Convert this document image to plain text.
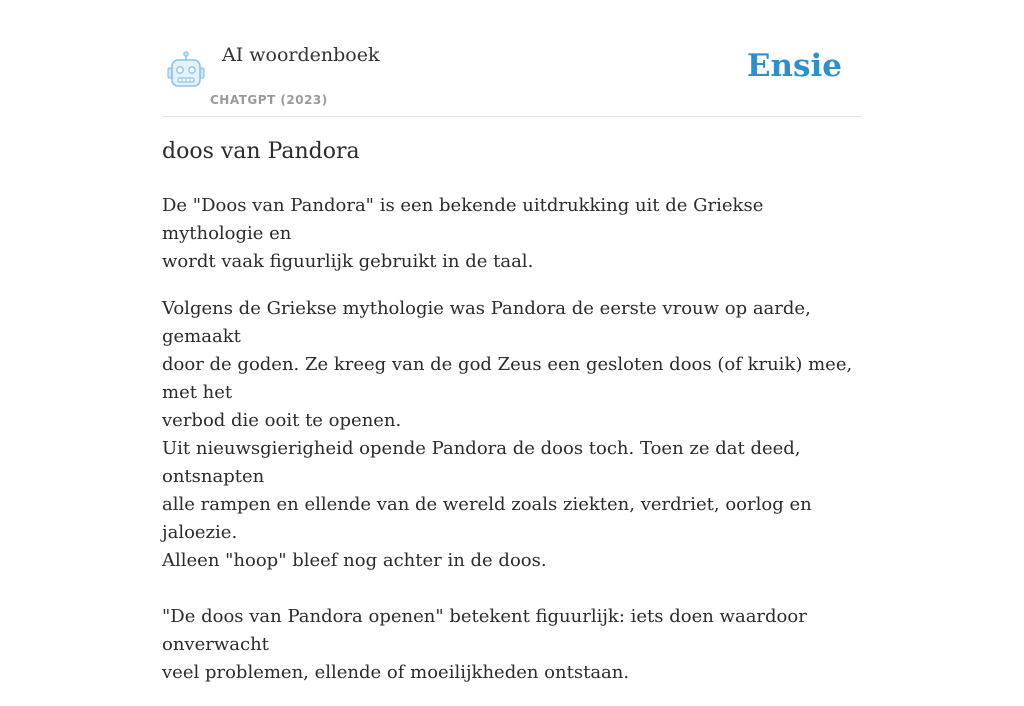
AI woordenboek
CHATGPT (2023)
Ensie
doos van Pandora

De "Doos van Pandora" is een bekende uitdrukking uit de Griekse mythologie en
wordt vaak figuurlijk gebruikt in de taal.

Volgens de Griekse mythologie was Pandora de eerste vrouw op aarde, gemaakt
door de goden. Ze kreeg van de god Zeus een gesloten doos (of kruik) mee, met het
verbod die ooit te openen.
Uit nieuwsgierigheid opende Pandora de doos toch. Toen ze dat deed, ontsnapten
alle rampen en ellende van de wereld zoals ziekten, verdriet, oorlog en jaloezie.
Alleen "hoop" bleef nog achter in de doos.

"De doos van Pandora openen" betekent figuurlijk: iets doen waardoor onverwacht
veel problemen, ellende of moeilijkheden ontstaan.
